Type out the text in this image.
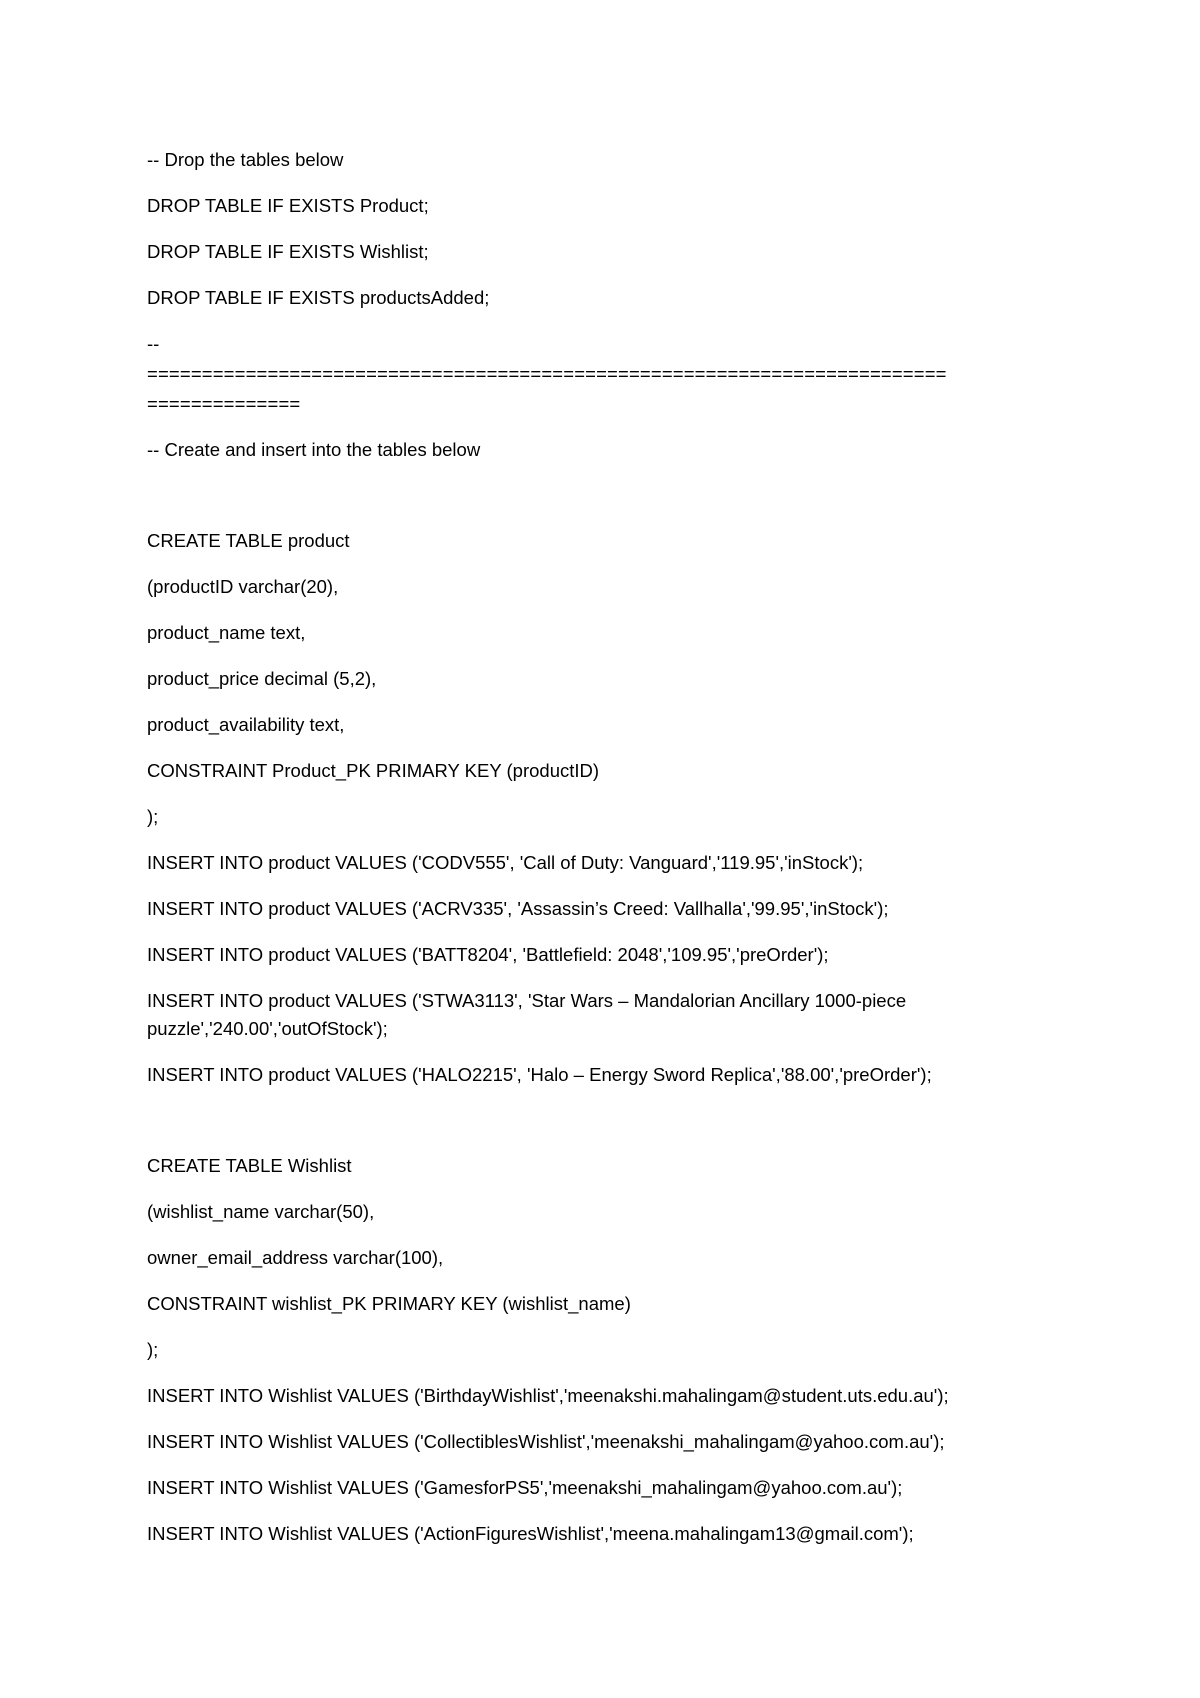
-- Drop the tables below
DROP TABLE IF EXISTS Product;
DROP TABLE IF EXISTS Wishlist;
DROP TABLE IF EXISTS productsAdded;
--
=========================================================================
==============
-- Create and insert into the tables below
CREATE TABLE product
(productID varchar(20),
product_name text,
product_price decimal (5,2),
product_availability text,
CONSTRAINT Product_PK PRIMARY KEY (productID)
);
INSERT INTO product VALUES ('CODV555', 'Call of Duty: Vanguard','119.95','inStock');
INSERT INTO product VALUES ('ACRV335', 'Assassin’s Creed: Vallhalla','99.95','inStock');
INSERT INTO product VALUES ('BATT8204', 'Battlefield: 2048','109.95','preOrder');
INSERT INTO product VALUES ('STWA3113', 'Star Wars – Mandalorian Ancillary 1000-piece
puzzle','240.00','outOfStock');
INSERT INTO product VALUES ('HALO2215', 'Halo – Energy Sword Replica','88.00','preOrder');
CREATE TABLE Wishlist
(wishlist_name varchar(50),
owner_email_address varchar(100),
CONSTRAINT wishlist_PK PRIMARY KEY (wishlist_name)
);
INSERT INTO Wishlist VALUES ('BirthdayWishlist','meenakshi.mahalingam@student.uts.edu.au');
INSERT INTO Wishlist VALUES ('CollectiblesWishlist','meenakshi_mahalingam@yahoo.com.au');
INSERT INTO Wishlist VALUES ('GamesforPS5','meenakshi_mahalingam@yahoo.com.au');
INSERT INTO Wishlist VALUES ('ActionFiguresWishlist','meena.mahalingam13@gmail.com');
